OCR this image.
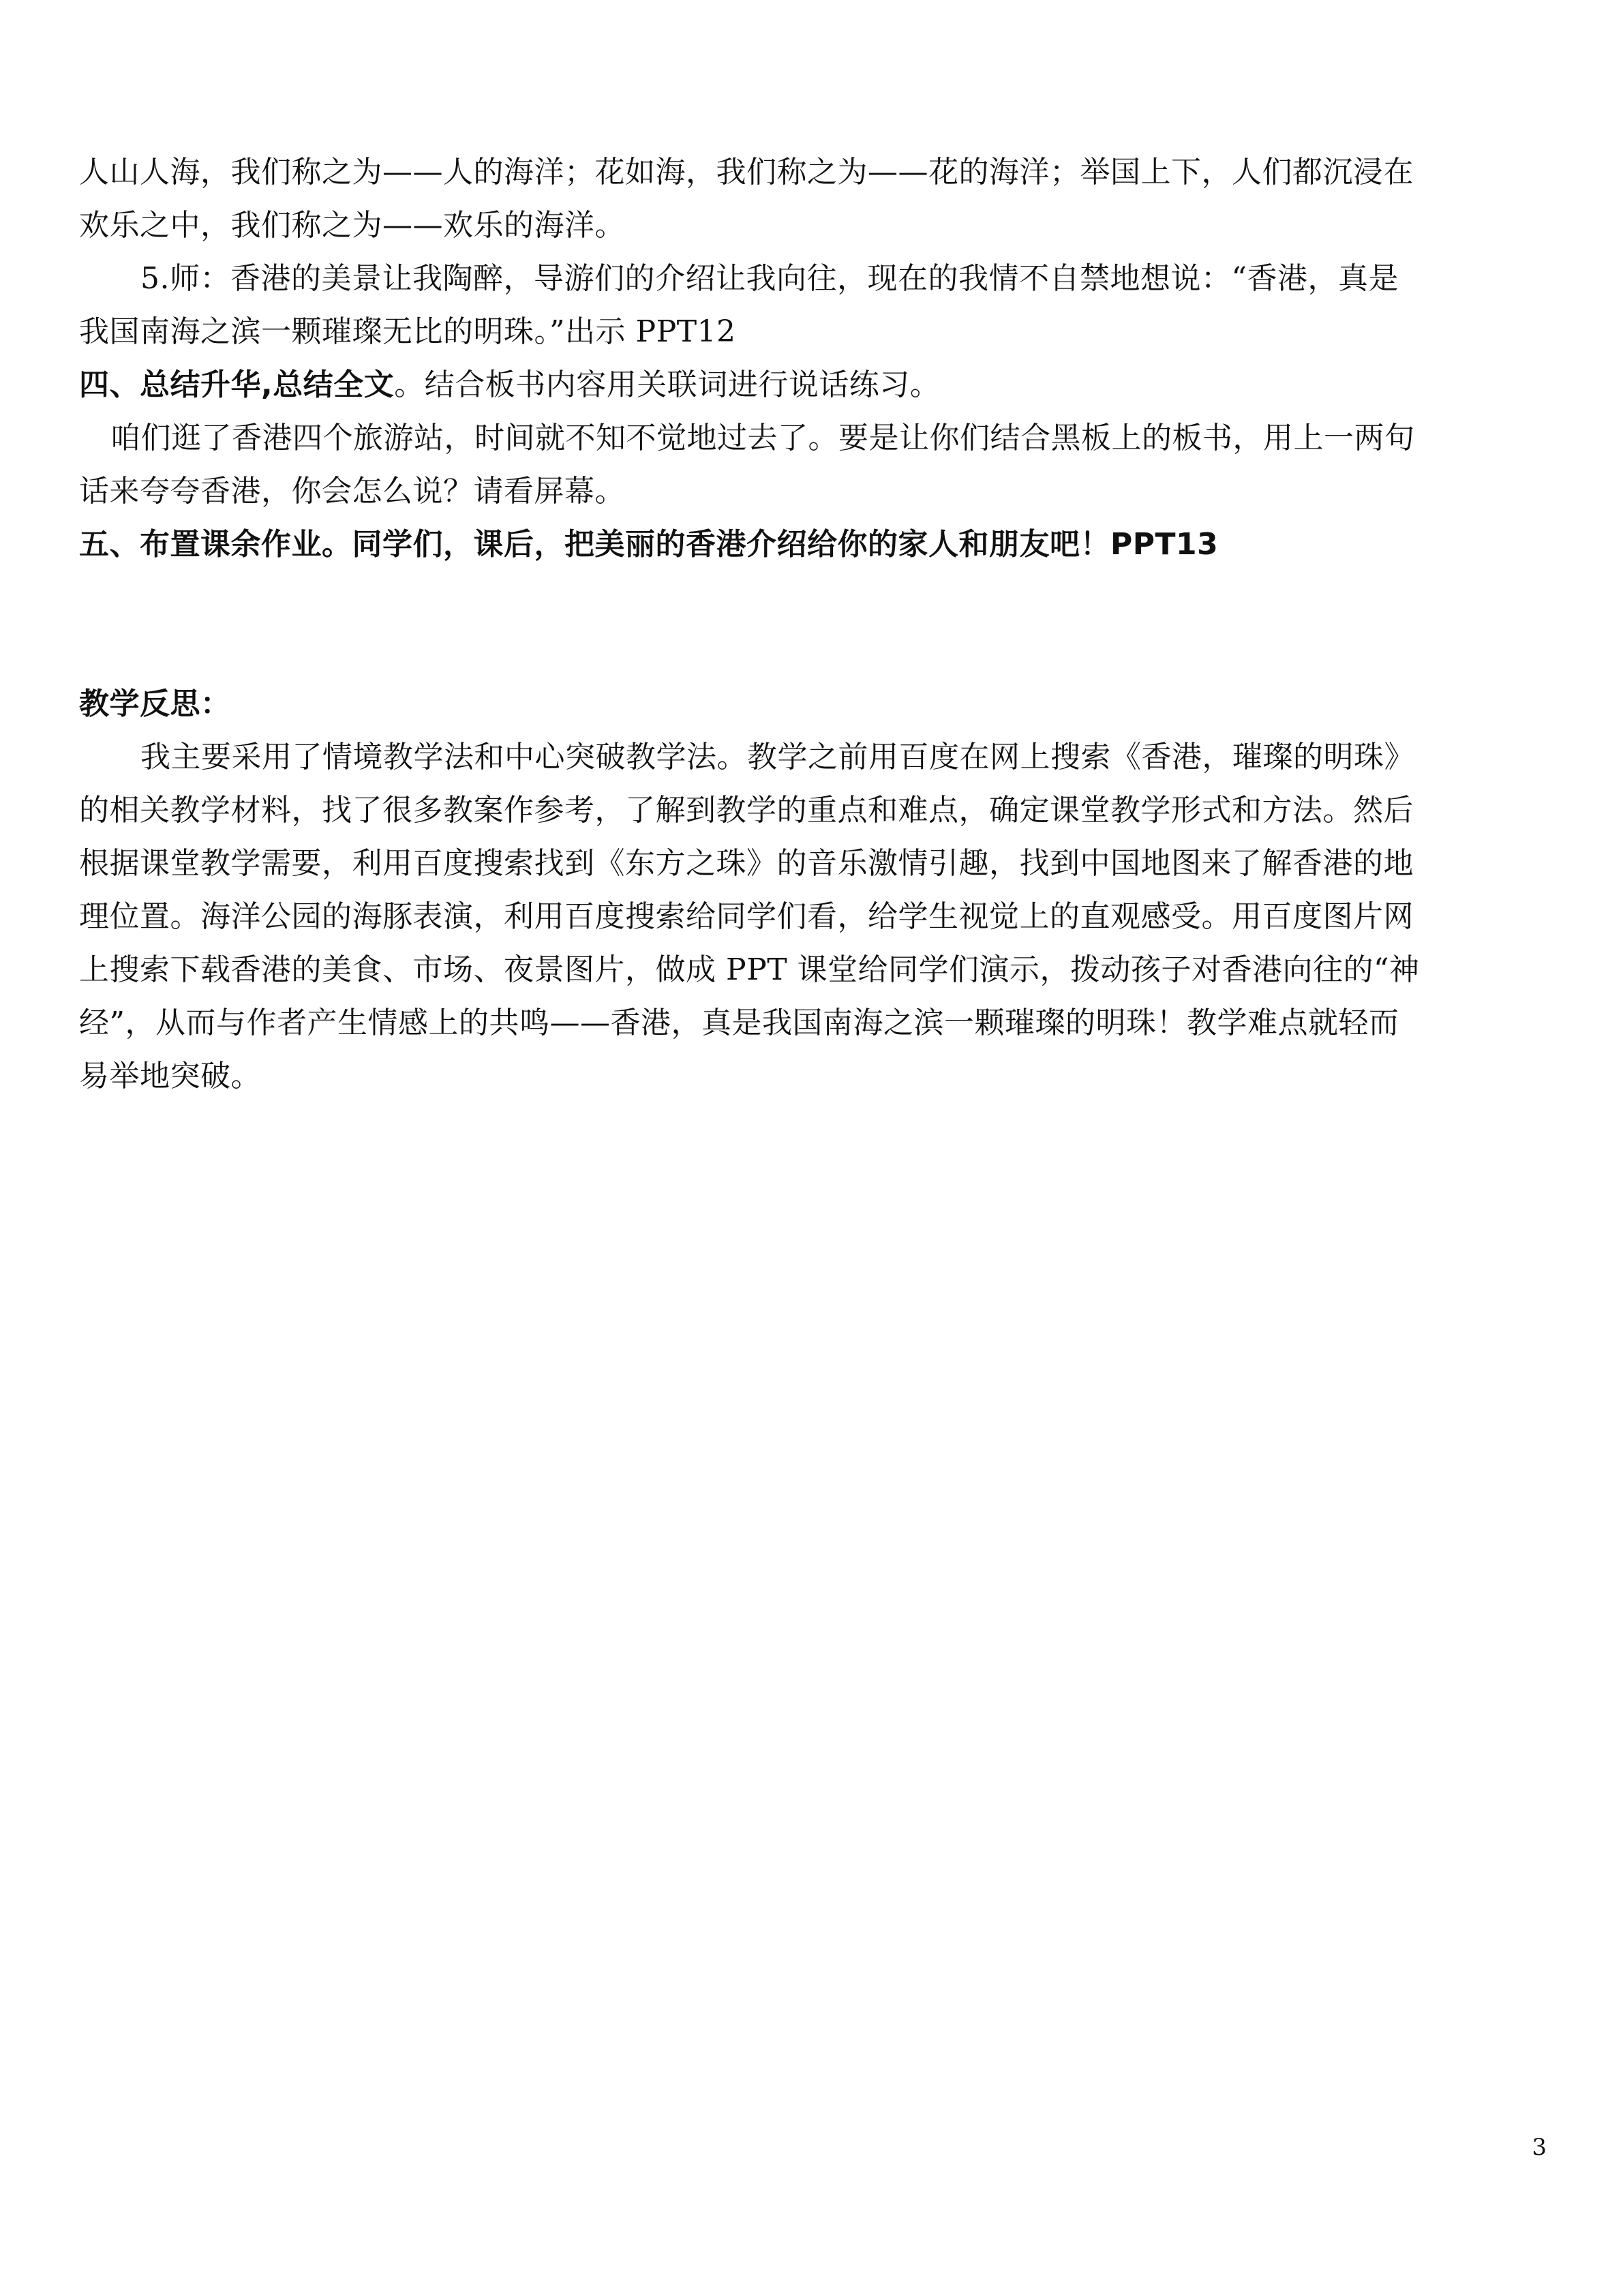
人山人海，我们称之为——人的海洋；花如海，我们称之为——花的海洋；举国上下，人们都沉浸在
欢乐之中，我们称之为——欢乐的海洋。
5.师：香港的美景让我陶醉，导游们的介绍让我向往，现在的我情不自禁地想说：“香港，真是
我国南海之滨一颗璀璨无比的明珠。”出示 PPT12
四、总结升华,总结全文。结合板书内容用关联词进行说话练习。
咱们逛了香港四个旅游站，时间就不知不觉地过去了。要是让你们结合黑板上的板书，用上一两句
话来夸夸香港，你会怎么说？请看屏幕。
五、布置课余作业。同学们，课后，把美丽的香港介绍给你的家人和朋友吧！PPT13
教学反思：
我主要采用了情境教学法和中心突破教学法。教学之前用百度在网上搜索《香港，璀璨的明珠》
的相关教学材料，找了很多教案作参考，了解到教学的重点和难点，确定课堂教学形式和方法。然后
根据课堂教学需要，利用百度搜索找到《东方之珠》的音乐激情引趣，找到中国地图来了解香港的地
理位置。海洋公园的海豚表演，利用百度搜索给同学们看，给学生视觉上的直观感受。用百度图片网
上搜索下载香港的美食、市场、夜景图片，做成 PPT 课堂给同学们演示，拨动孩子对香港向往的“神
经”，从而与作者产生情感上的共鸣——香港，真是我国南海之滨一颗璀璨的明珠！教学难点就轻而
易举地突破。
3
